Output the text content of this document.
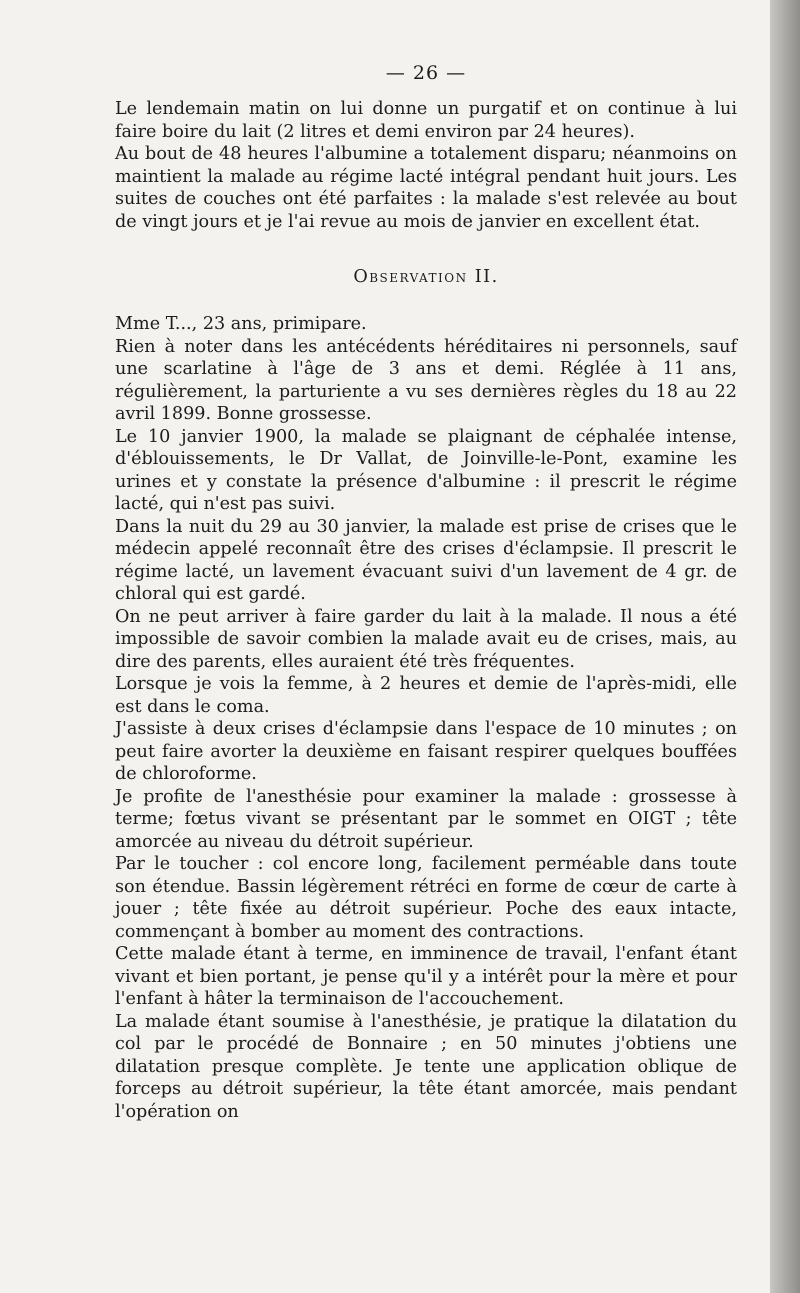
— 26 —

Le lendemain matin on lui donne un purgatif et on continue à lui faire boire du lait (2 litres et demi environ par 24 heures).

Au bout de 48 heures l'albumine a totalement disparu; néanmoins on maintient la malade au régime lacté intégral pendant huit jours. Les suites de couches ont été parfaites : la malade s'est relevée au bout de vingt jours et je l'ai revue au mois de janvier en excellent état.

Observation II.

Mme T..., 23 ans, primipare.

Rien à noter dans les antécédents héréditaires ni personnels, sauf une scarlatine à l'âge de 3 ans et demi. Réglée à 11 ans, régulièrement, la parturiente a vu ses dernières règles du 18 au 22 avril 1899. Bonne grossesse.

Le 10 janvier 1900, la malade se plaignant de céphalée intense, d'éblouissements, le Dr Vallat, de Joinville-le-Pont, examine les urines et y constate la présence d'albumine : il prescrit le régime lacté, qui n'est pas suivi.

Dans la nuit du 29 au 30 janvier, la malade est prise de crises que le médecin appelé reconnaît être des crises d'éclampsie. Il prescrit le régime lacté, un lavement évacuant suivi d'un lavement de 4 gr. de chloral qui est gardé.

On ne peut arriver à faire garder du lait à la malade. Il nous a été impossible de savoir combien la malade avait eu de crises, mais, au dire des parents, elles auraient été très fréquentes.

Lorsque je vois la femme, à 2 heures et demie de l'après-midi, elle est dans le coma.

J'assiste à deux crises d'éclampsie dans l'espace de 10 minutes ; on peut faire avorter la deuxième en faisant respirer quelques bouffées de chloroforme.

Je profite de l'anesthésie pour examiner la malade : grossesse à terme; fœtus vivant se présentant par le sommet en OIGT ; tête amorcée au niveau du détroit supérieur.

Par le toucher : col encore long, facilement perméable dans toute son étendue. Bassin légèrement rétréci en forme de cœur de carte à jouer ; tête fixée au détroit supérieur. Poche des eaux intacte, commençant à bomber au moment des contractions.

Cette malade étant à terme, en imminence de travail, l'enfant étant vivant et bien portant, je pense qu'il y a intérêt pour la mère et pour l'enfant à hâter la terminaison de l'accouchement.

La malade étant soumise à l'anesthésie, je pratique la dilatation du col par le procédé de Bonnaire ; en 50 minutes j'obtiens une dilatation presque complète. Je tente une application oblique de forceps au détroit supérieur, la tête étant amorcée, mais pendant l'opération on
